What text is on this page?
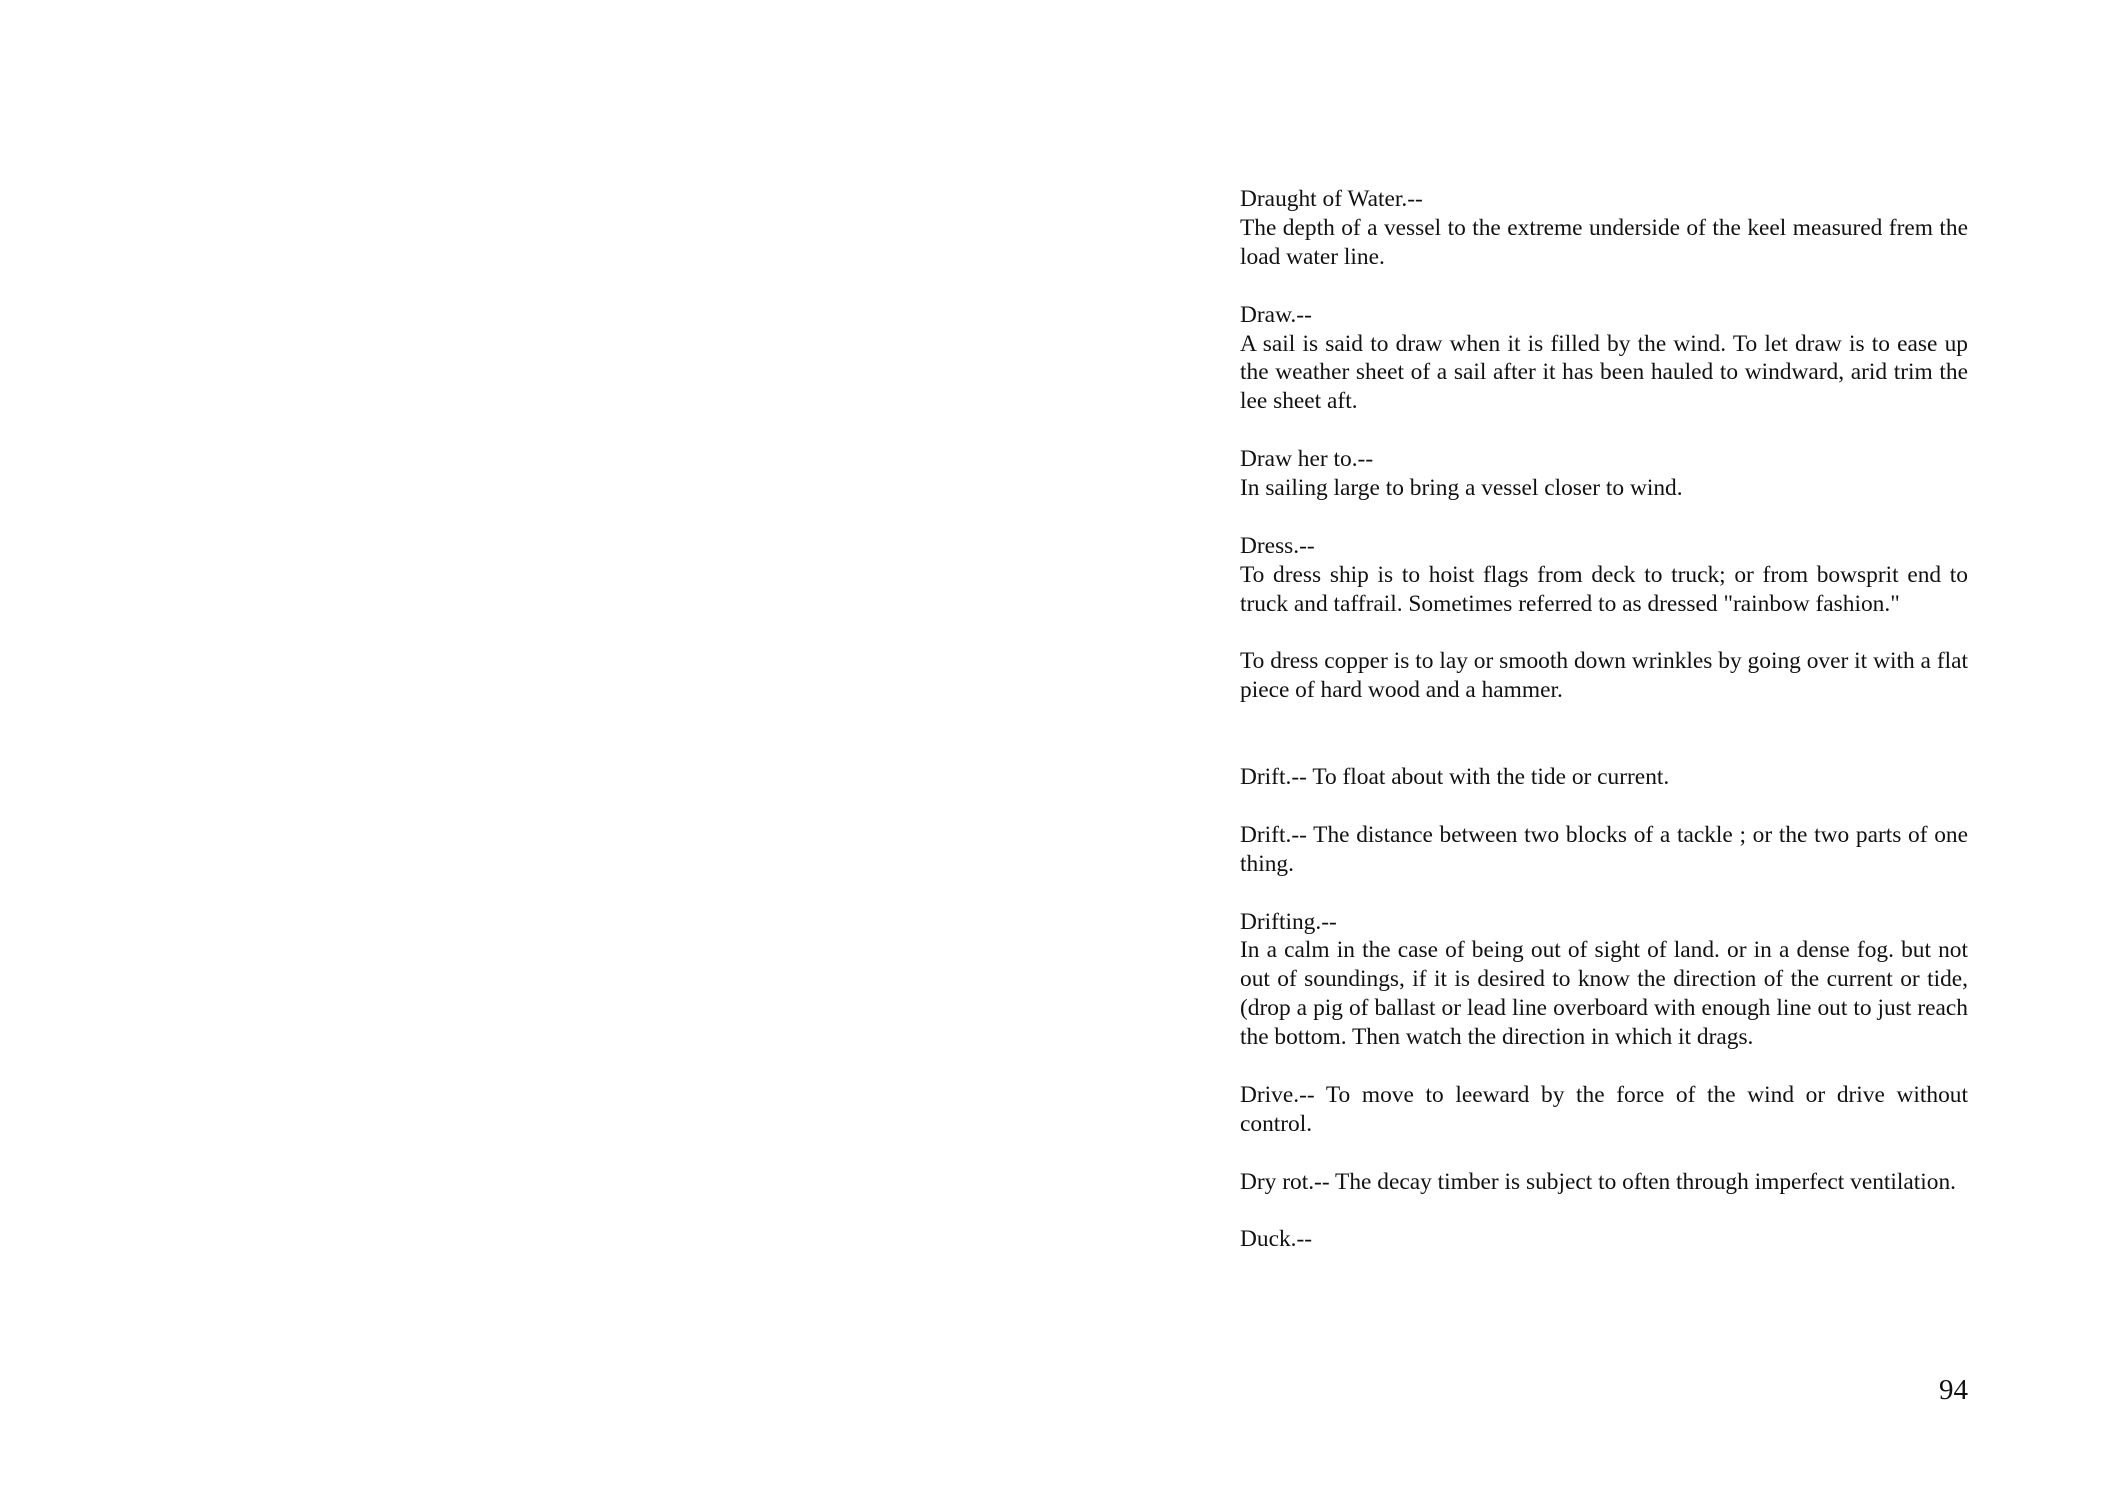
Draught of Water.--
The depth of a vessel to the extreme underside of the keel measured frem the load water line.
Draw.--
A sail is said to draw when it is filled by the wind. To let draw is to ease up the weather sheet of a sail after it has been hauled to windward, arid trim the lee sheet aft.
Draw her to.--
In sailing large to bring a vessel closer to wind.
Dress.--
To dress ship is to hoist flags from deck to truck; or from bowsprit end to truck and taffrail. Sometimes referred to as dressed "rainbow fashion."
To dress copper is to lay or smooth down wrinkles by going over it with a flat piece of hard wood and a hammer.
Drift.-- To float about with the tide or current.
Drift.-- The distance between two blocks of a tackle ; or the two parts of one thing.
Drifting.--
In a calm in the case of being out of sight of land. or in a dense fog. but not out of soundings, if it is desired to know the direction of the current or tide, (drop a pig of ballast or lead line overboard with enough line out to just reach the bottom. Then watch the direction in which it drags.
Drive.-- To move to leeward by the force of the wind or drive without control.
Dry rot.-- The decay timber is subject to often through imperfect ventilation.
Duck.--
94
